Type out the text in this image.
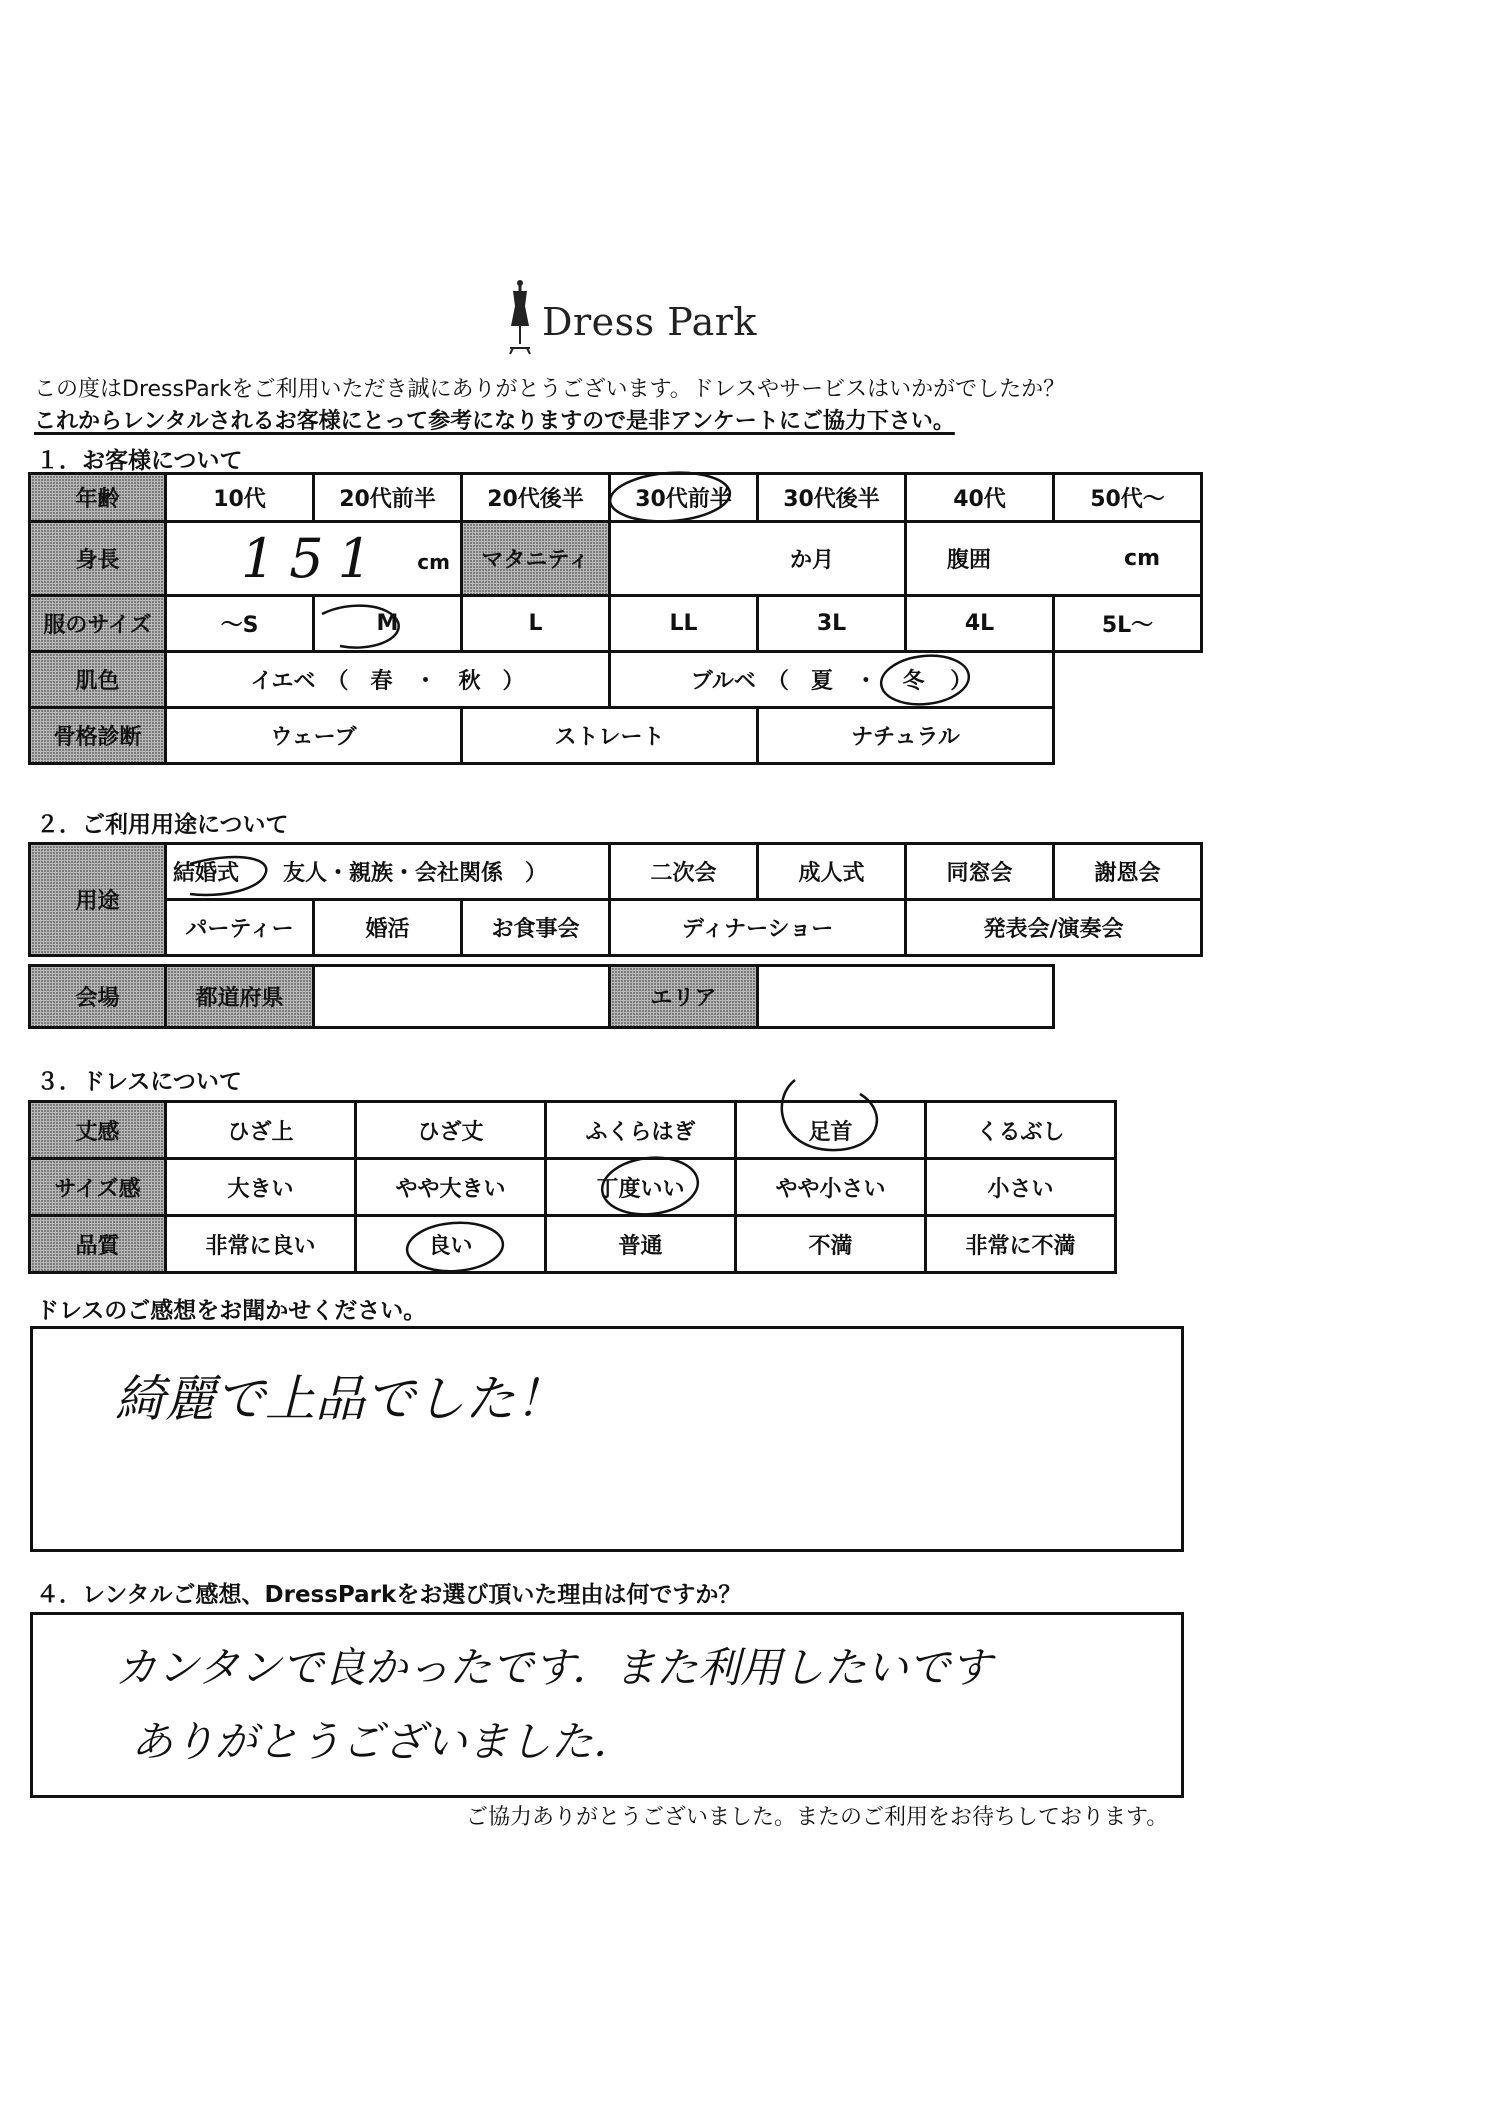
Dress Park
この度はDressParkをご利用いただき誠にありがとうございます。ドレスやサービスはいかがでしたか？
これからレンタルされるお客様にとって参考になりますので是非アンケートにご協力下さい。
１．お客様について
年齢	10代	20代前半	20代後半	30代前半	30代後半	40代	50代～
身長	151 cm		マタニティ	か月		腹囲 cm	

服のサイズ	～S	M	L	LL	3L	4L	5L～
肌色	イエベ　（　春　・　秋　）			ブルベ　（　夏　・ 冬 ）			
骨格診断	ウェーブ		ストレート		ナチュラル		
２．ご利用用途について
用途	結婚式 友人・親族・会社関係　）			二次会	成人式	同窓会	謝恩会
	パーティー	婚活	お食事会	ディナーショー		発表会/演奏会	

会場	都道府県			エリア			
３．ドレスについて
丈感	ひざ上	ひざ丈	ふくらはぎ	足首	くるぶし
サイズ感	大きい	やや大きい	丁度いい	やや小さい	小さい
品質	非常に良い	良い	普通	不満	非常に不満
ドレスのご感想をお聞かせください。
綺麗で上品でした！
４．レンタルご感想、DressParkをお選び頂いた理由は何ですか？
カンタンで良かったです．また利用したいです
ありがとうございました．
ご協力ありがとうございました。またのご利用をお待ちしております。
